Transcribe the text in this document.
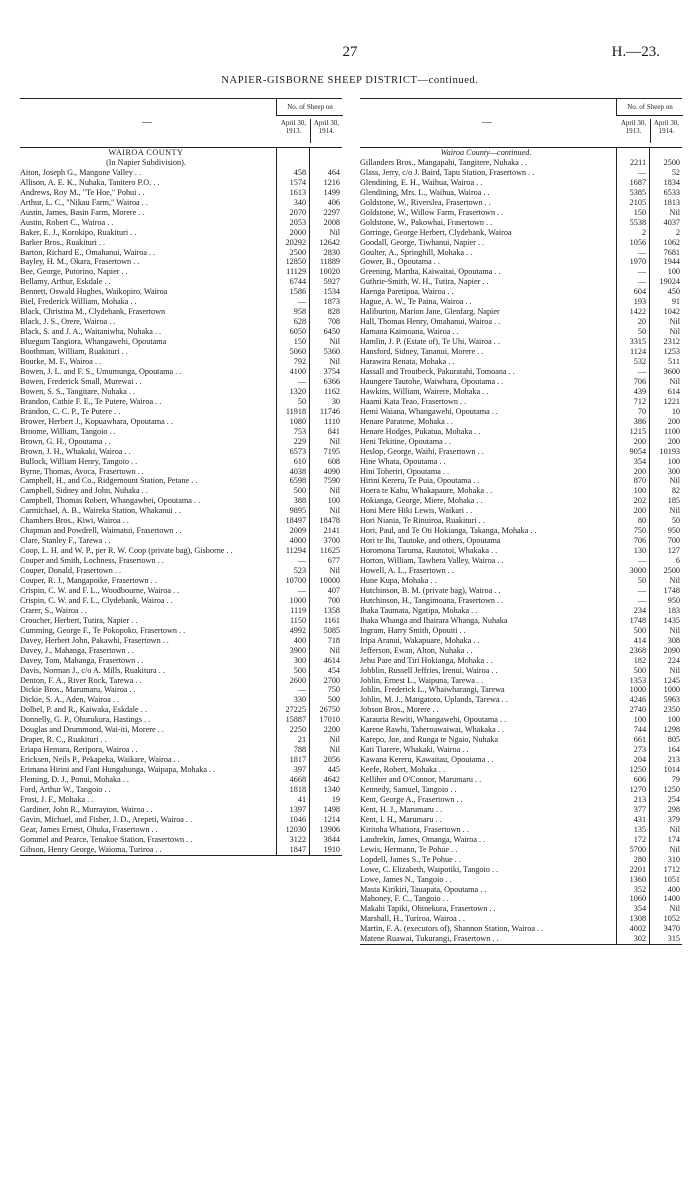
27	H.—23.
NAPIER-GISBORNE SHEEP DISTRICT—continued.
—
No. of Sheep on
April 30, 1913.
April 30, 1914.
WAIROA COUNTY
(In Napier Subdivision).
Aiton, Joseph G., Mangone Valley . .	458	464
Allison, A. E. K., Nuhaka, Tanitero P.O. . .	1574	1216
Andrews, Roy M., "Te Hoe," Pohui . .	1613	1499
Arthur, L. C., "Nikau Farm," Wairoa . .	340	406
Austin, James, Basin Farm, Morere . .	2070	2297
Austin, Robert C., Wairoa . .	2053	2008
Baker, E. J., Korokipo, Ruakituri . .	2000	Nil
Barker Bros., Ruakituri . .	20292	12642
Barton, Richard E., Omahanui, Wairoa . .	2500	2830
Bayley, H. M., Okara, Frasertown . .	12850	11889
Bee, George, Putorino, Napier . .	11129	10020
Bellamy, Arthur, Eskdale . .	6744	5927
Bennett, Oswald Hughes, Waikopiro, Wairoa	1586	1534
Biel, Frederick William, Mohaka . .	—	1873
Black, Christina M., Clydebank, Frasertown	958	828
Black, J. S., Orere, Wairoa . .	628	708
Black, S. and J. A., Waitaniwha, Nuhaka . .	6050	6450
Bluegum Tangiora, Whangawehi, Opoutama	150	Nil
Boothman, William, Ruakituri . .	5060	5360
Bourke, M. F., Wairoa . .	792	Nil
Bowen, J. L. and F. S., Umumunga, Opoutama . .	4100	3754
Bowen, Frederick Small, Murewai . .	—	6366
Bowen, S. S., Tangitare, Nuhaka . .	1320	1162
Brandon, Cathie F. E., Te Putere, Wairoa . .	50	30
Brandon, C. C. P., Te Putere . .	11918	11746
Brower, Herbert J., Kopuawhara, Opoutama . .	1080	1110
Broome, William, Tangoio . .	753	841
Brown, G. H., Opoutama . .	229	Nil
Brown, J. H., Whakaki, Wairoa . .	6573	7195
Bullock, William Henry, Tangoio . .	610	608
Byrne, Thomas, Avoca, Frasertown . .	4038	4090
Campbell, H., and Co., Ridgemount Station, Petane . .	6598	7590
Campbell, Sidney and John, Nuhaka . .	500	Nil
Campbell, Thomas Robert, Whangawhei, Opoutama . .	388	100
Carmichael, A. B., Waireka Station, Whakanui . .	9895	Nil
Chambers Bros., Kiwi, Wairoa . .	18497	18478
Chapman and Powdrell, Waimatui, Frasertown . .	2009	2141
Clare, Stanley F., Tarewa . .	4000	3700
Coop, L. H. and W. P., per R. W. Coop (private bag), Gisborne . .	11294	11625
Couper and Smith, Lochness, Frasertown . .	—	677
Couper, Donald, Frasertown . .	523	Nil
Couper, R. J., Mangapoike, Frasertown . .	10700	10000
Crispin, C. W. and F. L., Woodbourne, Wairoa . .	—	407
Crispin, C. W. and F. L., Clydebank, Wairoa . .	1000	700
Crarer, S., Wairoa . .	1119	1358
Croucher, Herbert, Tutira, Napier . .	1150	1161
Cumming, George F., Te Pokopoko, Frasertown . .	4992	5085
Davey, Herbert John, Pakawhi, Frasertown . .	400	718
Davey, J., Mahanga, Frasertown . .	3900	Nil
Davey, Tom, Mahanga, Frasertown . .	300	4614
Davis, Norman J., c/o A. Mills, Ruakitura . .	500	454
Denton, F. A., River Rock, Tarewa . .	2600	2700
Dickie Bros., Marumaru, Wairoa . .	—	750
Dickie, S. A., Aden, Wairoa . .	330	500
Dolbel, P. and R., Kaiwaka, Eskdale . .	27225	26750
Donnelly, G. P., Ohurukura, Hastings . .	15887	17010
Douglas and Drummond, Wai-iti, Morere . .	2250	2200
Draper, R. C., Ruakituri . .	21	Nil
Eriapa Hemara, Reripora, Wairoa . .	788	Nil
Ericksen, Neils P., Pekapeka, Waikare, Wairoa . .	1817	2056
Erimana Hirini and Fani Hungahunga, Waipapa, Mohaka . .	397	445
Fleming, D. J., Ponui, Mohaka . .	4668	4642
Ford, Arthur W., Tangoio . .	1818	1340
Frost, J. F., Mohaka . .	41	19
Gardiner, John R., Murrayton, Wairoa . .	1397	1498
Gavin, Michael, and Fisher, J. D., Arepeti, Wairoa . .	1046	1214
Gear, James Ernest, Ohuka, Frasertown . .	12030	13906
Gommel and Pearce, Tenakoe Station, Frasertown . .	3122	3844
Gibson, Henry George, Waioma, Turiroa . .	1847	1910
—
No. of Sheep on
April 30, 1913.
April 30, 1914.
Wairoa County—continued.
Gillanders Bros., Mangapahi, Tangitere, Nuhaka . .	2211	2500
Glass, Jerry, c/o J. Baird, Tapu Station, Frasertown . .	—	52
Glendining, E. H., Waihua, Wairoa . .	1687	1834
Glendining, Mrs. L., Waihua, Wairoa . .	5385	6533
Goldstone, W., Riverslea, Frasertown . .	2105	1813
Goldstone, W., Willow Farm, Frasertown . .	150	Nil
Goldstone, W., Pakowhai, Frasertown . .	5538	4037
Gorringe, George Herbert, Clydebank, Wairoa	2	2
Goodall, George, Tiwhanui, Napier . .	1056	1062
Goulter, A., Springhill, Mohaka . .	—	7681
Gower, B., Opoutama . .	1970	1944
Greening, Martha, Kaiwaitai, Opoutama . .	—	100
Guthrie-Smith, W. H., Tutira, Napier . .	—	19024
Haenga Paretipua, Wairoa . .	604	450
Hague, A. W., Te Paina, Wairoa . .	193	91
Haliburton, Marion Jane, Glenfarg, Napier	1422	1042
Hall, Thomas Henry, Omahanui, Wairoa . .	20	Nil
Hamana Kaimoana, Wairoa . .	50	Nil
Hamlin, J. P. (Estate of), Te Uhi, Wairoa . .	3315	2312
Hansford, Sidney, Tananui, Morere . .	1124	1253
Harawira Renata, Mohaka . .	532	511
Hassall and Troutbeck, Pakuratahi, Tomoana . .	—	3600
Haungere Tautohe, Waiwhara, Opoutama . .	706	Nil
Hawkins, William, Wairere, Mohaka . .	439	614
Haami Kata Teao, Frasertown . .	712	1221
Hemi Waiana, Whangawehi, Opoutama . .	70	10
Henare Paratene, Mohaka . .	386	200
Henare Hodges, Pukatua, Mohaka . .	1215	1100
Heni Tekitine, Opoutama . .	200	200
Heslop, George, Waihi, Frasertown . .	9054	10193
Hine Whata, Opoutama . .	354	100
Hini Toheriri, Opoutama . .	200	300
Hirini Kereru, Te Puia, Opoutama . .	870	Nil
Hoera te Kahu, Whakapaure, Mohaka . .	100	82
Hokianga, George, Miere, Mohaka . .	202	185
Honi Mere Hiki Lewis, Waikari . .	200	Nil
Hori Niania, Te Rinuiroa, Ruakituri . .	80	50
Hori, Paul, and Te Oti Hokianga, Takanga, Mohaka . .	750	950
Hori te Ihi, Tautoke, and others, Opoutama	706	700
Horomona Taruma, Rautotoi, Whakaka . .	130	127
Horton, William, Tawhera Valley, Wairoa . .	—	6
Howell, A. L., Frasertown . .	3000	2500
Hune Kupa, Mohaka . .	50	Nil
Hutchinson, B. M. (private bag), Wairoa . .	—	1748
Hutchinson, H., Tangimoana, Frasertown . .	—	950
Ihaka Taumata, Ngatipa, Mohaka . .	234	183
Ihaka Whanga and Ihairara Whanga, Nuhaka	1748	1435
Ingram, Harry Smith, Opouiti . .	500	Nil
Iripa Aranui, Wakapuare, Mohaka . .	414	308
Jefferson, Ewan, Alton, Nuhaka . .	2368	2090
Jehu Pare and Tiri Hokianga, Mohaka . .	182	224
Jobblin, Russell Jeffries, Irenui, Wairoa . .	500	Nil
Joblin, Ernest L., Waipuna, Tarewa . .	1353	1245
Joblin, Frederick L., Whaiwharangi, Tarewa	1000	1000
Joblin, M. J., Mangatoto, Uplands, Tarewa . .	4246	5963
Jobson Bros., Morere . .	2740	2350
Karauria Rewiti, Whangawehi, Opoutama . .	100	100
Karene Rawhi, Taheroawaiwai, Whakaka . .	744	1298
Karepo, Joe, and Runga te Ngaio, Nuhaka	661	805
Kati Tiarere, Whakaki, Wairoa . .	273	164
Kawana Kereru, Kawaitau, Opoutama . .	204	213
Keefe, Robert, Mohaka . .	1250	1014
Kelliher and O'Connor, Marumaru . .	606	79
Kennedy, Samuel, Tangoio . .	1270	1250
Kent, George A., Frasertown . .	213	254
Kent, H. J., Marumaru . .	377	298
Kent, I. H., Marumaru . .	431	379
Kiritoha Whatiora, Frasertown . .	135	Nil
Landrekin, James, Omanga, Wairoa . .	172	174
Lewis, Hermann, Te Pohue . .	5700	Nil
Lopdell, James S., Te Pohue . .	280	310
Lowe, C. Elizabeth, Waipotiki, Tangoio . .	2201	1712
Lowe, James N., Tangoio . .	1360	1051
Masta Kirikiri, Tauapata, Opoutama . .	352	400
Mahoney, F. C., Tangoio . .	1060	1400
Makahi Tapiki, Ohinekura, Frasertown . .	354	Nil
Marshall, H., Turiroa, Wairoa . .	1308	1052
Martin, F. A. (executors of), Shannon Station, Wairoa . .	4002	3470
Matene Ruawai, Tukurangi, Frasertown . .	302	315
